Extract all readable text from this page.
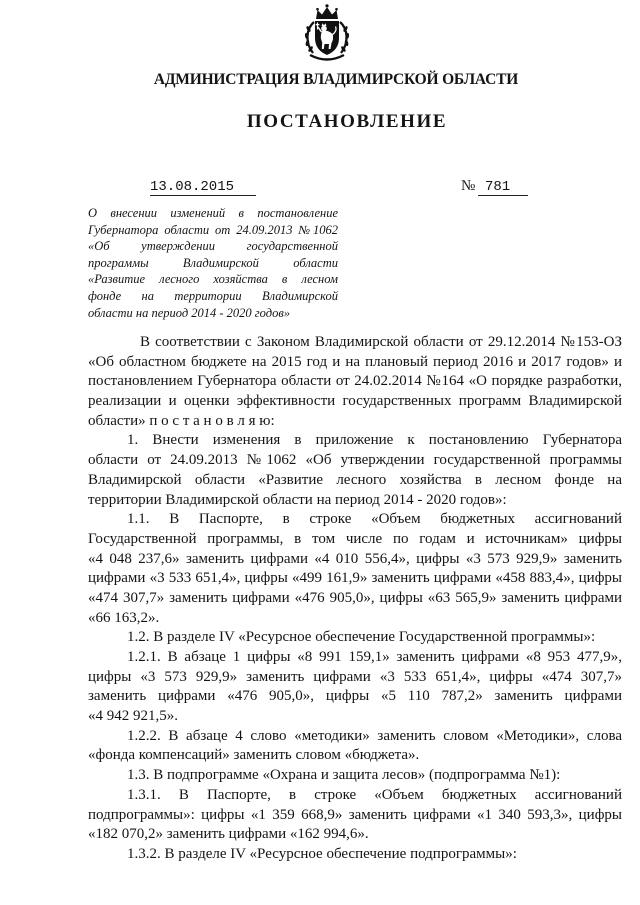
АДМИНИСТРАЦИЯ ВЛАДИМИРСКОЙ ОБЛАСТИ
ПОСТАНОВЛЕНИЕ
13.08.2015	№ 781
О внесении изменений в постановление
Губернатора области от 24.09.2013 №1062
«Об утверждении государственной
программы Владимирской области
«Развитие лесного хозяйства в лесном
фонде на территории Владимирской
области на период 2014 - 2020 годов»
В соответствии с Законом Владимирской области от 29.12.2014 №153-ОЗ
«Об областном бюджете на 2015 год и на плановый период 2016 и 2017 годов» и
постановлением Губернатора области от 24.02.2014 №164 «О порядке разработки,
реализации и оценки эффективности государственных программ Владимирской
области» п о с т а н о в л я ю:
1. Внести изменения в приложение к постановлению Губернатора
области от 24.09.2013 №1062 «Об утверждении государственной программы
Владимирской области «Развитие лесного хозяйства в лесном фонде на
территории Владимирской области на период 2014 - 2020 годов»:
1.1. В Паспорте, в строке «Объем бюджетных ассигнований
Государственной программы, в том числе по годам и источникам» цифры
«4 048 237,6» заменить цифрами «4 010 556,4», цифры «3 573 929,9» заменить
цифрами «3 533 651,4», цифры «499 161,9» заменить цифрами «458 883,4», цифры
«474 307,7» заменить цифрами «476 905,0», цифры «63 565,9» заменить цифрами
«66 163,2».
1.2. В разделе IV «Ресурсное обеспечение Государственной программы»:
1.2.1. В абзаце 1 цифры «8 991 159,1» заменить цифрами «8 953 477,9»,
цифры «3 573 929,9» заменить цифрами «3 533 651,4», цифры «474 307,7»
заменить цифрами «476 905,0», цифры «5 110 787,2» заменить цифрами
«4 942 921,5».
1.2.2. В абзаце 4 слово «методики» заменить словом «Методики», слова
«фонда компенсаций» заменить словом «бюджета».
1.3. В подпрограмме «Охрана и защита лесов» (подпрограмма №1):
1.3.1. В Паспорте, в строке «Объем бюджетных ассигнований
подпрограммы»: цифры «1 359 668,9» заменить цифрами «1 340 593,3», цифры
«182 070,2» заменить цифрами «162 994,6».
1.3.2. В разделе IV «Ресурсное обеспечение подпрограммы»:
